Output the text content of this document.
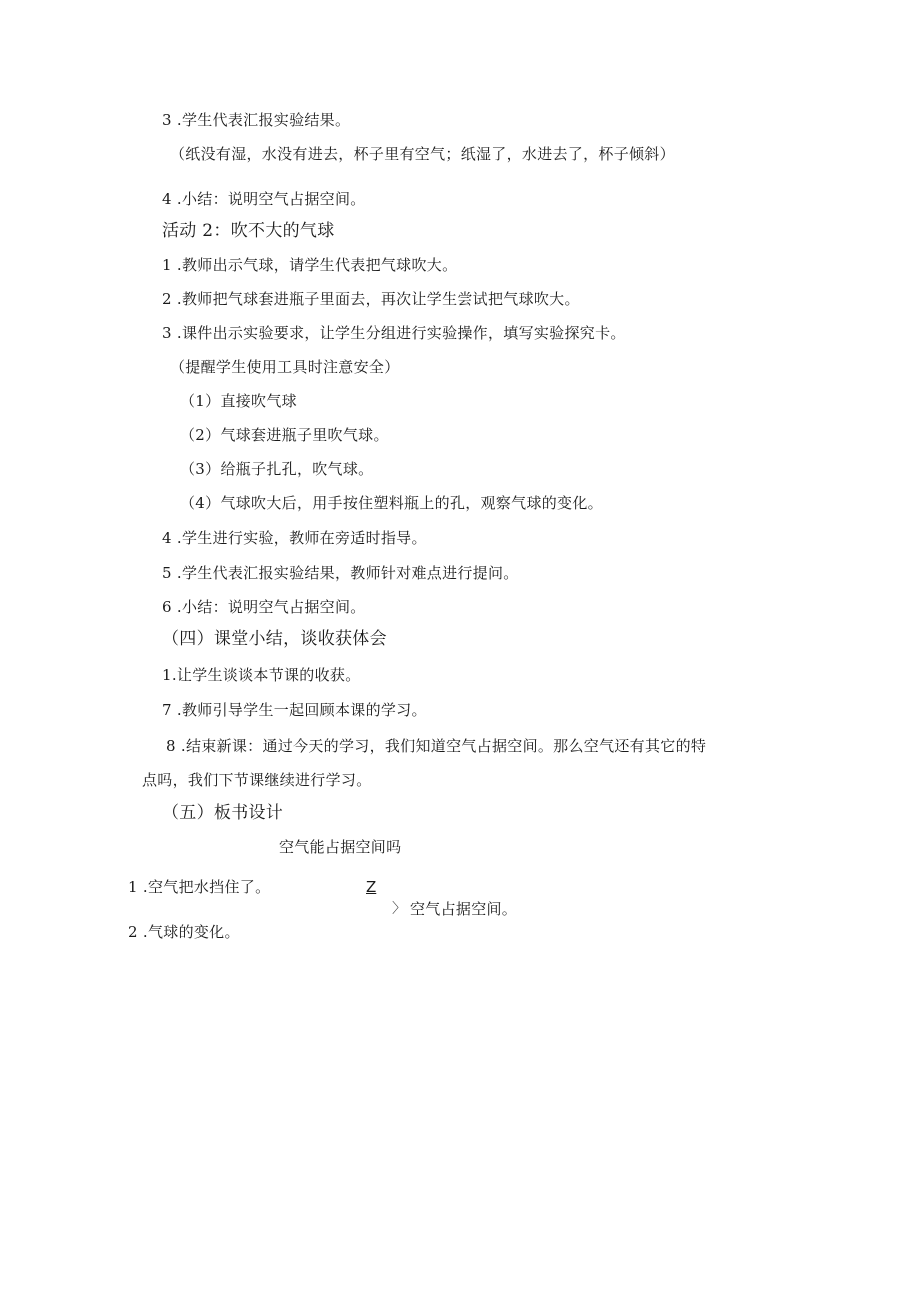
3 .学生代表汇报实验结果。
（纸没有湿，水没有进去，杯子里有空气；纸湿了，水进去了，杯子倾斜）
4 .小结：说明空气占据空间。
活动 2：吹不大的气球
1 .教师出示气球，请学生代表把气球吹大。
2 .教师把气球套进瓶子里面去，再次让学生尝试把气球吹大。
3 .课件出示实验要求，让学生分组进行实验操作，填写实验探究卡。
（提醒学生使用工具时注意安全）
（1）直接吹气球
（2）气球套进瓶子里吹气球。
（3）给瓶子扎孔，吹气球。
（4）气球吹大后，用手按住塑料瓶上的孔，观察气球的变化。
4 .学生进行实验，教师在旁适时指导。
5 .学生代表汇报实验结果，教师针对难点进行提问。
6 .小结：说明空气占据空间。
（四）课堂小结，谈收获体会
1.让学生谈谈本节课的收获。
7 .教师引导学生一起回顾本课的学习。
8 .结束新课：通过今天的学习，我们知道空气占据空间。那么空气还有其它的特
点吗，我们下节课继续进行学习。
（五）板书设计
空气能占据空间吗
1 .空气把水挡住了。	Z
〉 空气占据空间。
2 .气球的变化。
